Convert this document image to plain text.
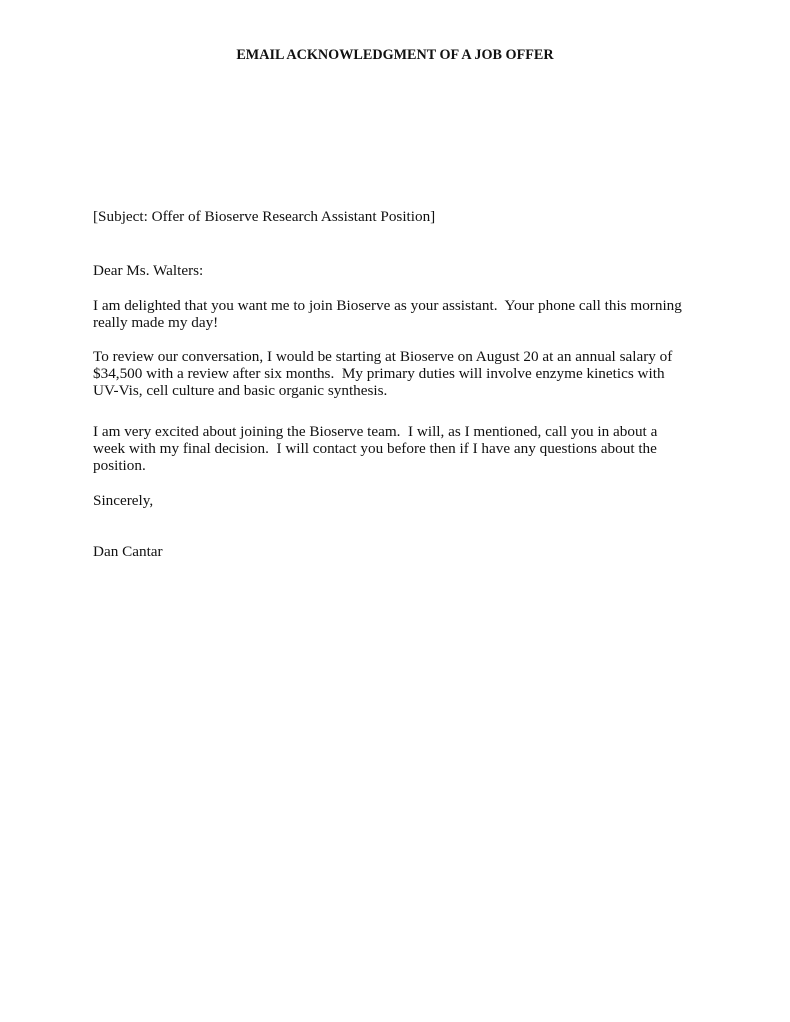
EMAIL ACKNOWLEDGMENT OF A JOB OFFER
[Subject: Offer of Bioserve Research Assistant Position]
Dear Ms. Walters:
I am delighted that you want me to join Bioserve as your assistant.  Your phone call this morning
really made my day!
To review our conversation, I would be starting at Bioserve on August 20 at an annual salary of
$34,500 with a review after six months.  My primary duties will involve enzyme kinetics with
UV-Vis, cell culture and basic organic synthesis.
I am very excited about joining the Bioserve team.  I will, as I mentioned, call you in about a
week with my final decision.  I will contact you before then if I have any questions about the
position.
Sincerely,
Dan Cantar
